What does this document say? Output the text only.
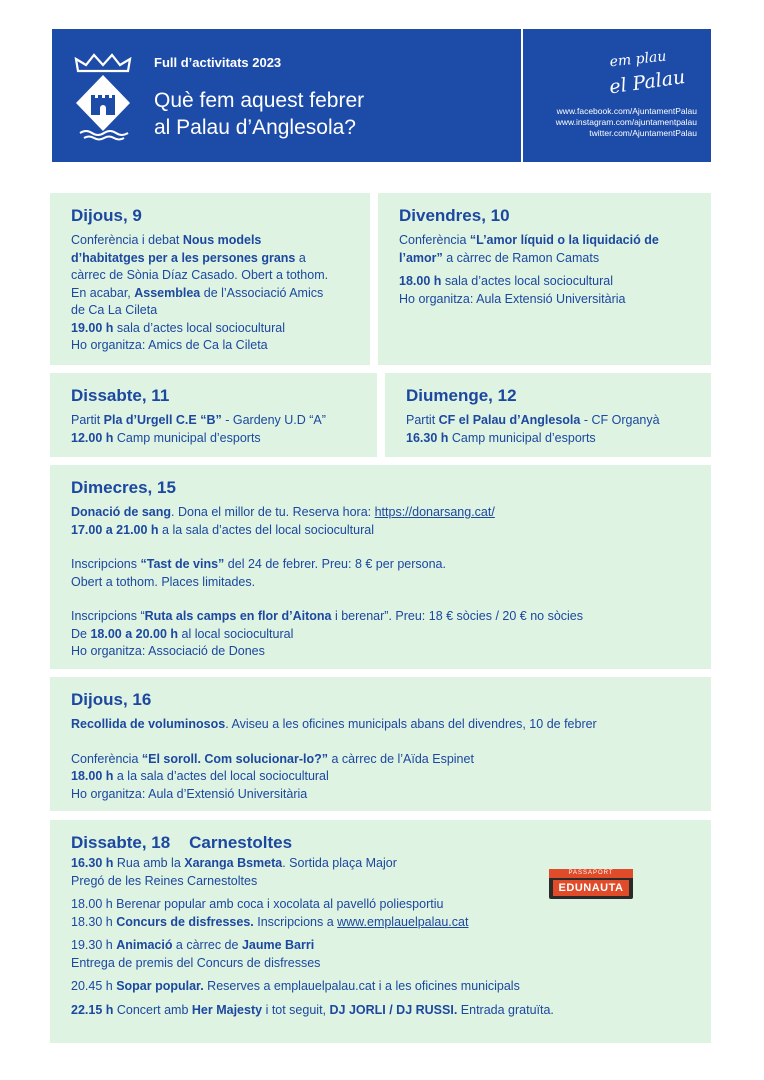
Full d’activitats 2023
Què fem aquest febrer
al Palau d’Anglesola?
em plau
el Palau
www.facebook.com/AjuntamentPalau
www.instagram.com/ajuntamentpalau
twitter.com/AjuntamentPalau
Dijous, 9

Conferència i debat Nous models

d’habitatges per a les persones grans a

càrrec de Sònia Díaz Casado. Obert a tothom.

En acabar, Assemblea de l’Associació Amics

de Ca La Cileta

19.00 h sala d’actes local sociocultural

Ho organitza: Amics de Ca la Cileta

Divendres, 10

Conferència “L’amor líquid o la liquidació de

l’amor” a càrrec de Ramon Camats

18.00 h sala d’actes local sociocultural

Ho organitza: Aula Extensió Universitària

Dissabte, 11

Partit Pla d’Urgell C.E “B” - Gardeny U.D “A”

12.00 h Camp municipal d’esports

Diumenge, 12

Partit CF el Palau d’Anglesola - CF Organyà

16.30 h Camp municipal d’esports

Dimecres, 15

Donació de sang. Dona el millor de tu. Reserva hora: https://donarsang.cat/

17.00 a 21.00 h a la sala d’actes del local sociocultural

Inscripcions “Tast de vins” del 24 de febrer. Preu: 8 € per persona.

Obert a tothom. Places limitades.

Inscripcions “Ruta als camps en flor d’Aitona i berenar”. Preu: 18 € sòcies / 20 € no sòcies

De 18.00 a 20.00 h al local sociocultural

Ho organitza: Associació de Dones

Dijous, 16

Recollida de voluminosos. Aviseu a les oficines municipals abans del divendres, 10 de febrer

Conferència “El soroll. Com solucionar-lo?” a càrrec de l’Aïda Espinet

18.00 h a la sala d’actes del local sociocultural

Ho organitza: Aula d’Extensió Universitària

Dissabte, 18    Carnestoltes

16.30 h Rua amb la Xaranga Bsmeta. Sortida plaça Major

Pregó de les Reines Carnestoltes

18.00 h Berenar popular amb coca i xocolata al pavelló poliesportiu

18.30 h Concurs de disfresses. Inscripcions a www.emplauelpalau.cat

19.30 h Animació a càrrec de Jaume Barri

Entrega de premis del Concurs de disfresses

20.45 h Sopar popular. Reserves a emplauelpalau.cat i a les oficines municipals

22.15 h Concert amb Her Majesty i tot seguit, DJ JORLI / DJ RUSSI. Entrada gratuïta.

PASSAPORT
EDUNAUTA
